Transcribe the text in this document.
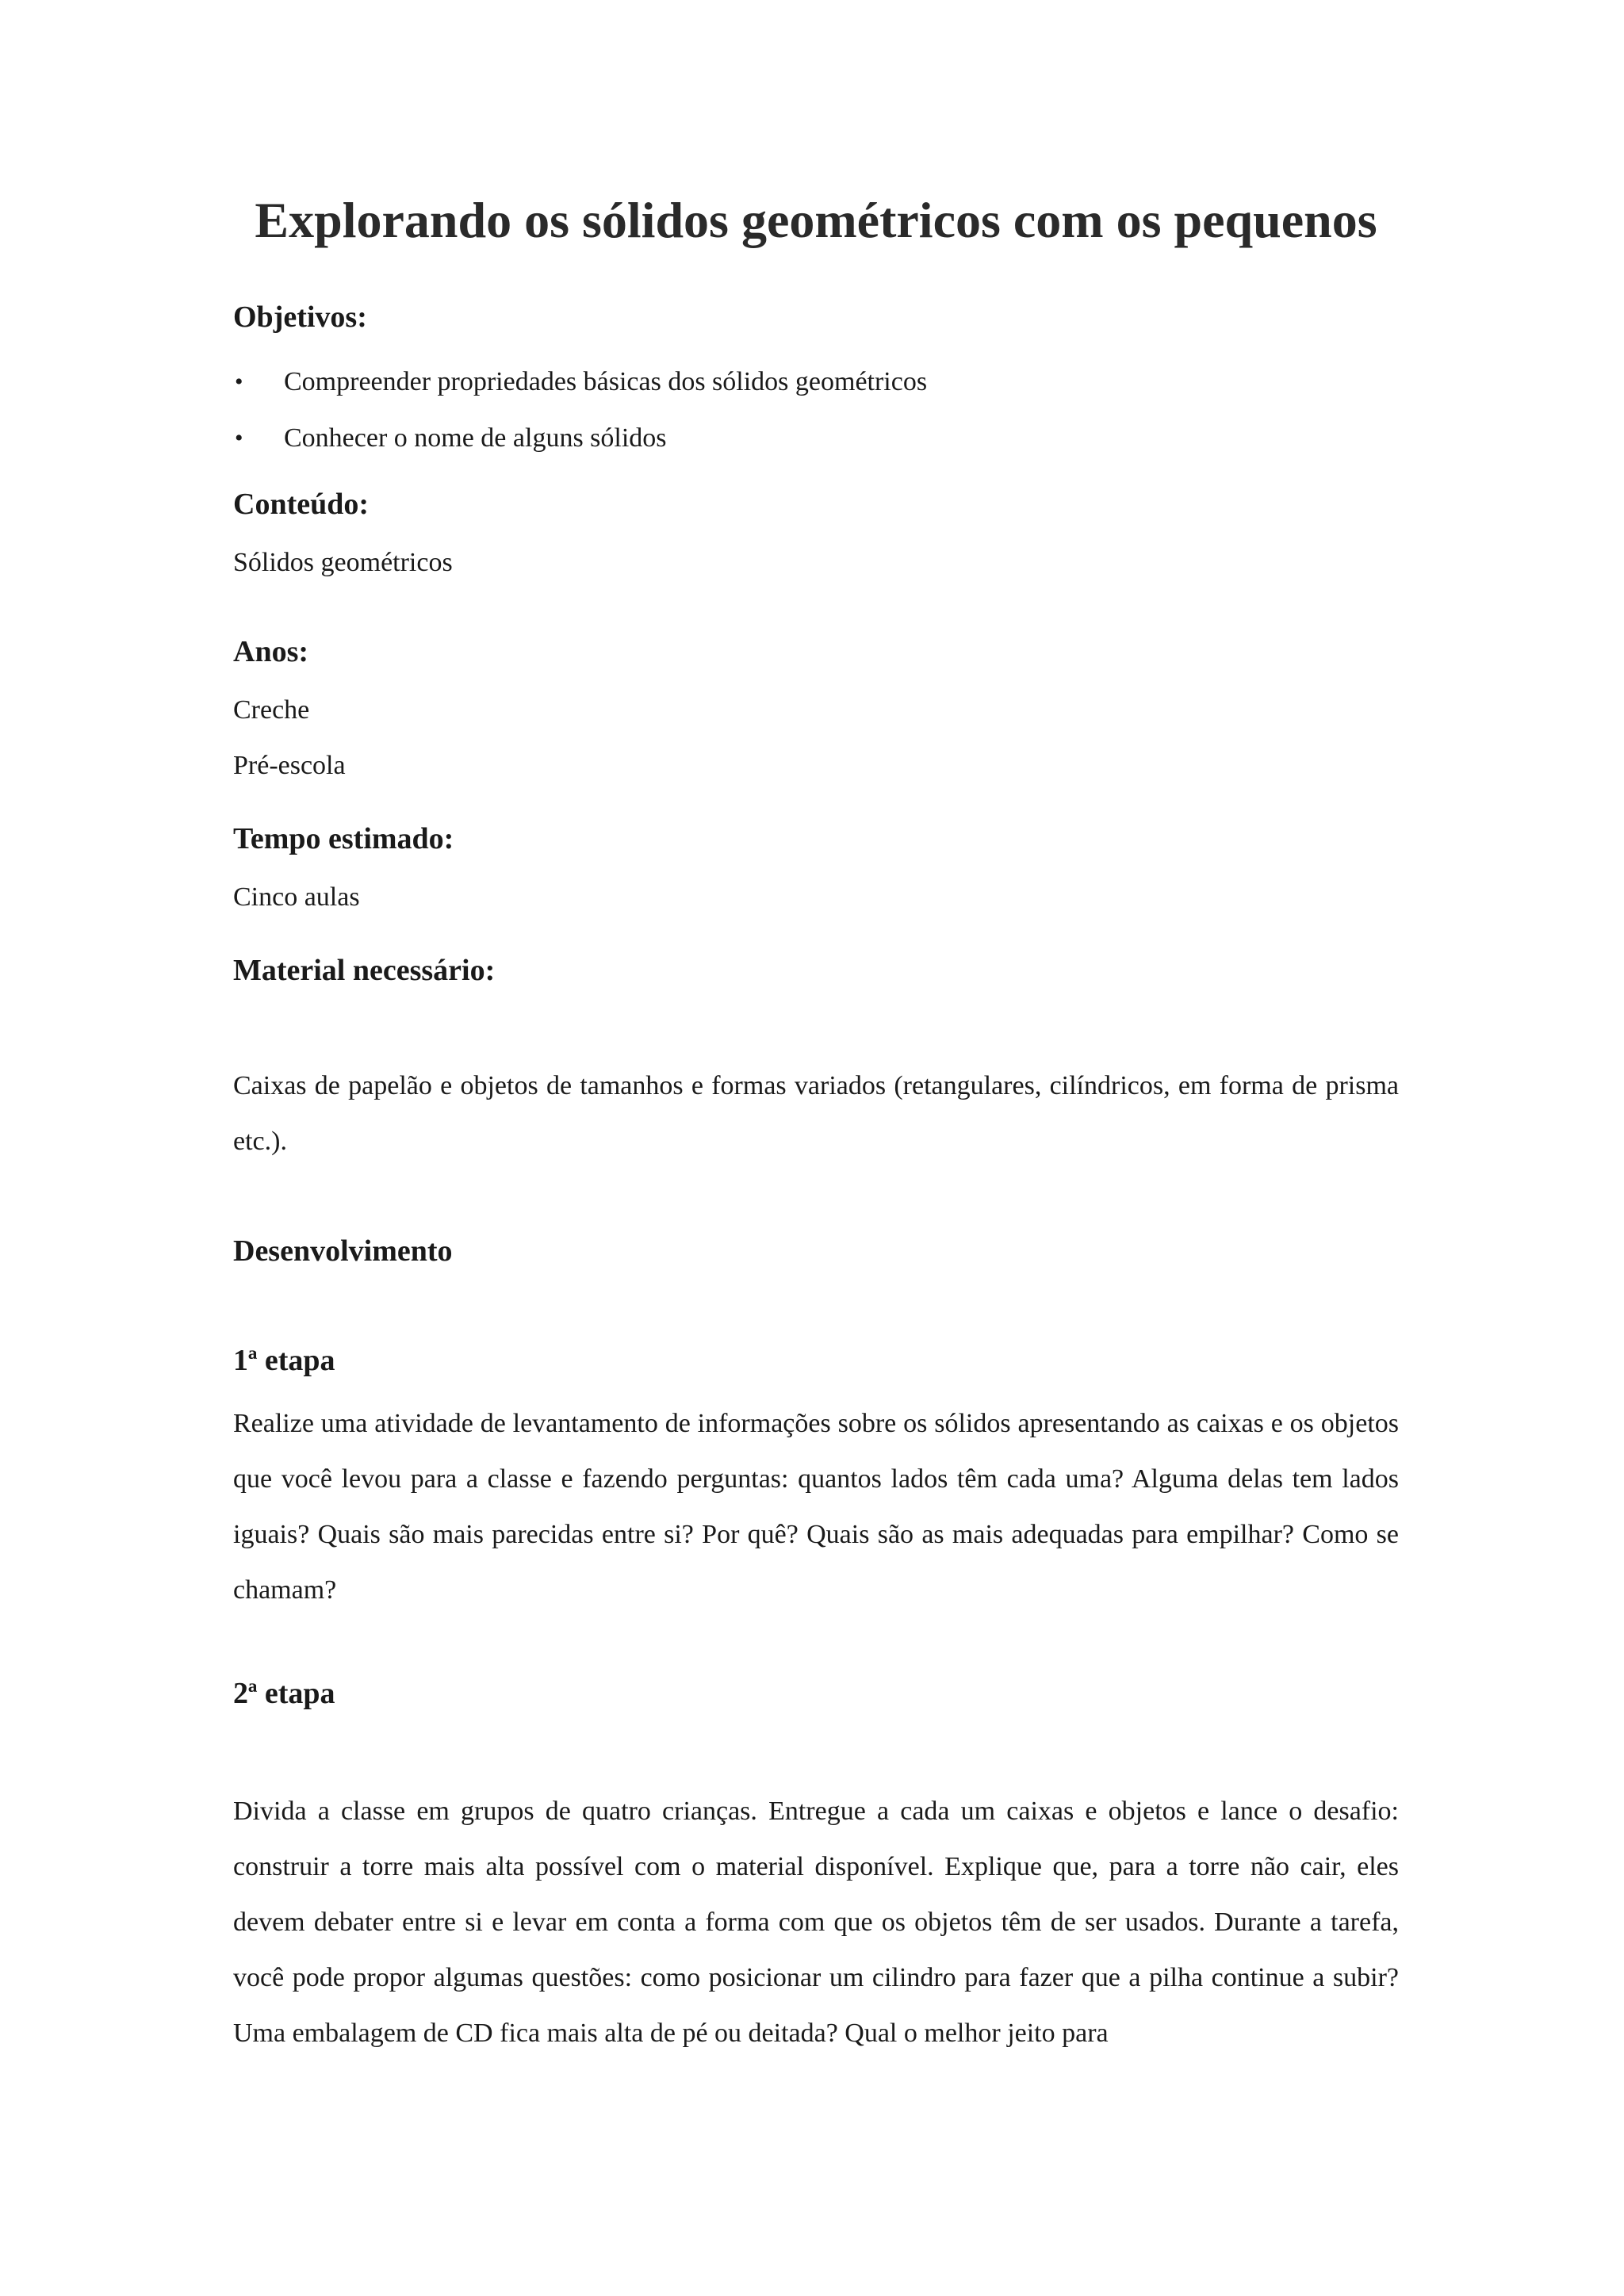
Explorando os sólidos geométricos com os pequenos
Objetivos:
• Compreender propriedades básicas dos sólidos geométricos
• Conhecer o nome de alguns sólidos
Conteúdo:

Sólidos geométricos

Anos:

Creche

Pré-escola

Tempo estimado:

Cinco aulas

Material necessário:

Caixas de papelão e objetos de tamanhos e formas variados (retangulares, cilíndricos, em forma de prisma etc.).

Desenvolvimento
1ª etapa

Realize uma atividade de levantamento de informações sobre os sólidos apresentando as caixas e os objetos que você levou para a classe e fazendo perguntas: quantos lados têm cada uma? Alguma delas tem lados iguais? Quais são mais parecidas entre si? Por quê? Quais são as mais adequadas para empilhar? Como se chamam?

2ª etapa

Divida a classe em grupos de quatro crianças. Entregue a cada um caixas e objetos e lance o desafio: construir a torre mais alta possível com o material disponível. Explique que, para a torre não cair, eles devem debater entre si e levar em conta a forma com que os objetos têm de ser usados. Durante a tarefa, você pode propor algumas questões: como posicionar um cilindro para fazer que a pilha continue a subir? Uma embalagem de CD fica mais alta de pé ou deitada? Qual o melhor jeito para
